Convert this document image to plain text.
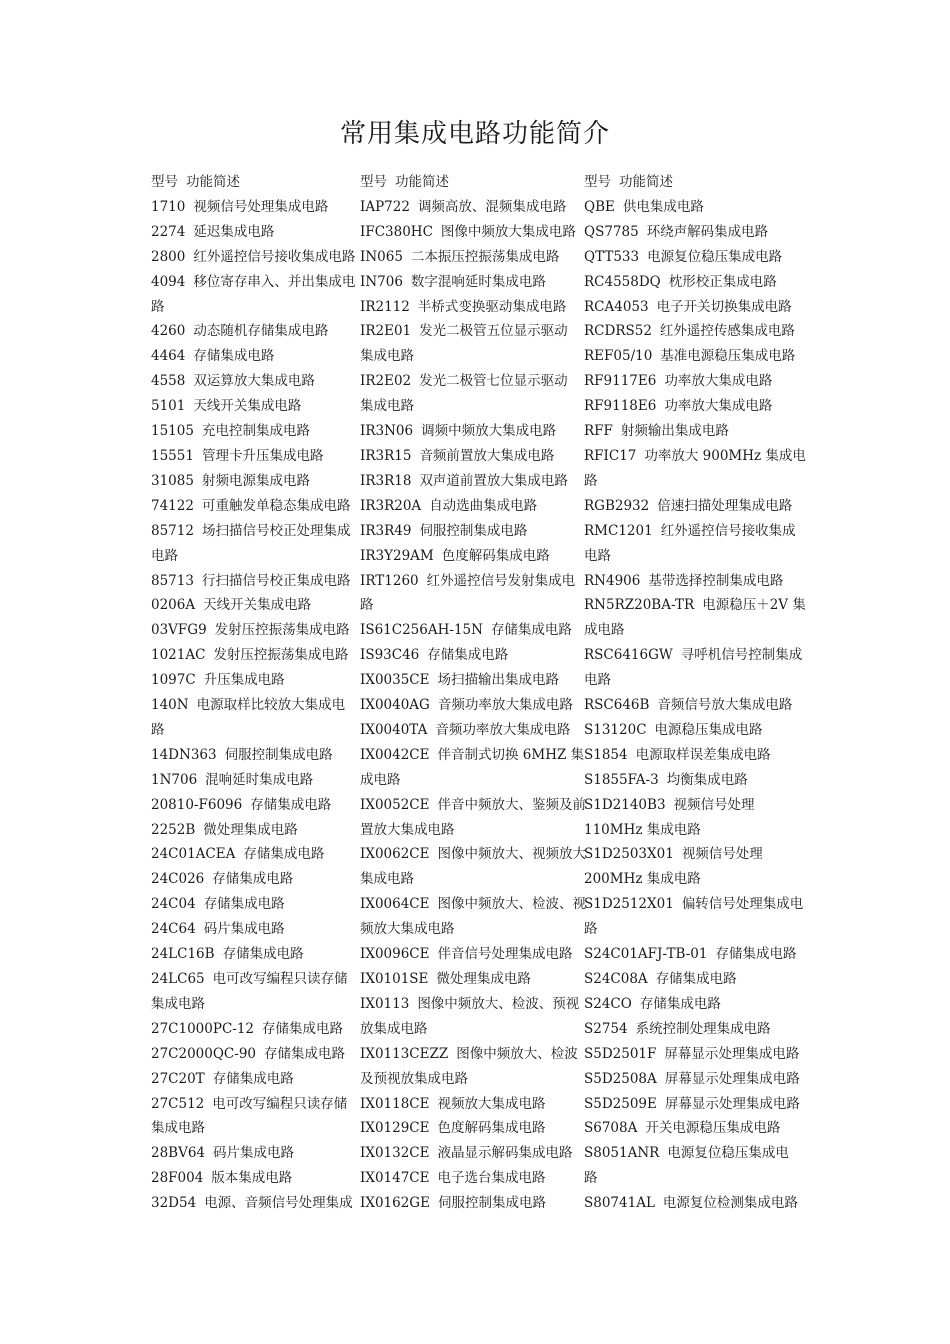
常用集成电路功能简介
型号 功能简述
1710 视频信号处理集成电路
2274 延迟集成电路
2800 红外遥控信号接收集成电路
4094 移位寄存串入、并出集成电
路
4260 动态随机存储集成电路
4464 存储集成电路
4558 双运算放大集成电路
5101 天线开关集成电路
15105 充电控制集成电路
15551 管理卡升压集成电路
31085 射频电源集成电路
74122 可重触发单稳态集成电路
85712 场扫描信号校正处理集成
电路
85713 行扫描信号校正集成电路
0206A 天线开关集成电路
03VFG9 发射压控振荡集成电路
1021AC 发射压控振荡集成电路
1097C 升压集成电路
140N 电源取样比较放大集成电
路
14DN363 伺服控制集成电路
1N706 混响延时集成电路
20810-F6096 存储集成电路
2252B 微处理集成电路
24C01ACEA 存储集成电路
24C026 存储集成电路
24C04 存储集成电路
24C64 码片集成电路
24LC16B 存储集成电路
24LC65 电可改写编程只读存储
集成电路
27C1000PC-12 存储集成电路
27C2000QC-90 存储集成电路
27C20T 存储集成电路
27C512 电可改写编程只读存储
集成电路
28BV64 码片集成电路
28F004 版本集成电路
32D54 电源、音频信号处理集成
型号 功能简述
IAP722 调频高放、混频集成电路
IFC380HC 图像中频放大集成电路
IN065 二本振压控振荡集成电路
IN706 数字混响延时集成电路
IR2112 半桥式变换驱动集成电路
IR2E01 发光二极管五位显示驱动
集成电路
IR2E02 发光二极管七位显示驱动
集成电路
IR3N06 调频中频放大集成电路
IR3R15 音频前置放大集成电路
IR3R18 双声道前置放大集成电路
IR3R20A 自动选曲集成电路
IR3R49 伺服控制集成电路
IR3Y29AM 色度解码集成电路
IRT1260 红外遥控信号发射集成电
路
IS61C256AH-15N 存储集成电路
IS93C46 存储集成电路
IX0035CE 场扫描输出集成电路
IX0040AG 音频功率放大集成电路
IX0040TA 音频功率放大集成电路
IX0042CE 伴音制式切换 6MHZ 集
成电路
IX0052CE 伴音中频放大、鉴频及前
置放大集成电路
IX0062CE 图像中频放大、视频放大
集成电路
IX0064CE 图像中频放大、检波、视
频放大集成电路
IX0096CE 伴音信号处理集成电路
IX0101SE 微处理集成电路
IX0113 图像中频放大、检波、预视
放集成电路
IX0113CEZZ 图像中频放大、检波
及预视放集成电路
IX0118CE 视频放大集成电路
IX0129CE 色度解码集成电路
IX0132CE 液晶显示解码集成电路
IX0147CE 电子选台集成电路
IX0162GE 伺服控制集成电路
型号 功能简述
QBE 供电集成电路
QS7785 环绕声解码集成电路
QTT533 电源复位稳压集成电路
RC4558DQ 枕形校正集成电路
RCA4053 电子开关切换集成电路
RCDRS52 红外遥控传感集成电路
REF05/10 基准电源稳压集成电路
RF9117E6 功率放大集成电路
RF9118E6 功率放大集成电路
RFF 射频输出集成电路
RFIC17 功率放大 900MHz 集成电
路
RGB2932 倍速扫描处理集成电路
RMC1201 红外遥控信号接收集成
电路
RN4906 基带选择控制集成电路
RN5RZ20BA-TR 电源稳压＋2V 集
成电路
RSC6416GW 寻呼机信号控制集成
电路
RSC646B 音频信号放大集成电路
S13120C 电源稳压集成电路
S1854 电源取样误差集成电路
S1855FA-3 均衡集成电路
S1D2140B3 视频信号处理
110MHz 集成电路
S1D2503X01 视频信号处理
200MHz 集成电路
S1D2512X01 偏转信号处理集成电
路
S24C01AFJ-TB-01 存储集成电路
S24C08A 存储集成电路
S24CO 存储集成电路
S2754 系统控制处理集成电路
S5D2501F 屏幕显示处理集成电路
S5D2508A 屏幕显示处理集成电路
S5D2509E 屏幕显示处理集成电路
S6708A 开关电源稳压集成电路
S8051ANR 电源复位稳压集成电
路
S80741AL 电源复位检测集成电路
